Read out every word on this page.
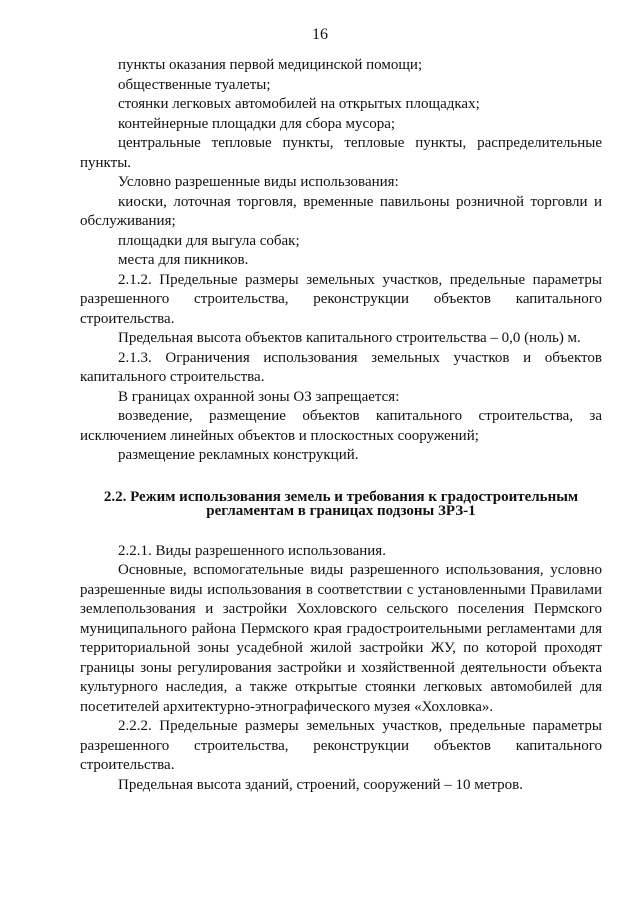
16

пункты оказания первой медицинской помощи;

общественные туалеты;

стоянки легковых автомобилей на открытых площадках;

контейнерные площадки для сбора мусора;

центральные тепловые пункты, тепловые пункты, распределительные пункты.

Условно разрешенные виды использования:

киоски, лоточная торговля, временные павильоны розничной торговли и обслуживания;

площадки для выгула собак;

места для пикников.

2.1.2. Предельные размеры земельных участков, предельные параметры разрешенного строительства, реконструкции объектов капитального строительства.

Предельная высота объектов капитального строительства – 0,0 (ноль) м.

2.1.3. Ограничения использования земельных участков и объектов капитального строительства.

В границах охранной зоны ОЗ запрещается:

возведение, размещение объектов капитального строительства, за исключением линейных объектов и плоскостных сооружений;

размещение рекламных конструкций.

2.2. Режим использования земель и требования к градостроительным
регламентам в границах подзоны ЗРЗ-1

2.2.1. Виды разрешенного использования.

Основные, вспомогательные виды разрешенного использования, условно разрешенные виды использования в соответствии с установленными Правилами землепользования и застройки Хохловского сельского поселения Пермского муниципального района Пермского края градостроительными регламентами для территориальной зоны усадебной жилой застройки ЖУ, по которой проходят границы зоны регулирования застройки и хозяйственной деятельности объекта культурного наследия, а также открытые стоянки легковых автомобилей для посетителей архитектурно-этнографического музея «Хохловка».

2.2.2. Предельные размеры земельных участков, предельные параметры разрешенного строительства, реконструкции объектов капитального строительства.

Предельная высота зданий, строений, сооружений – 10 метров.
